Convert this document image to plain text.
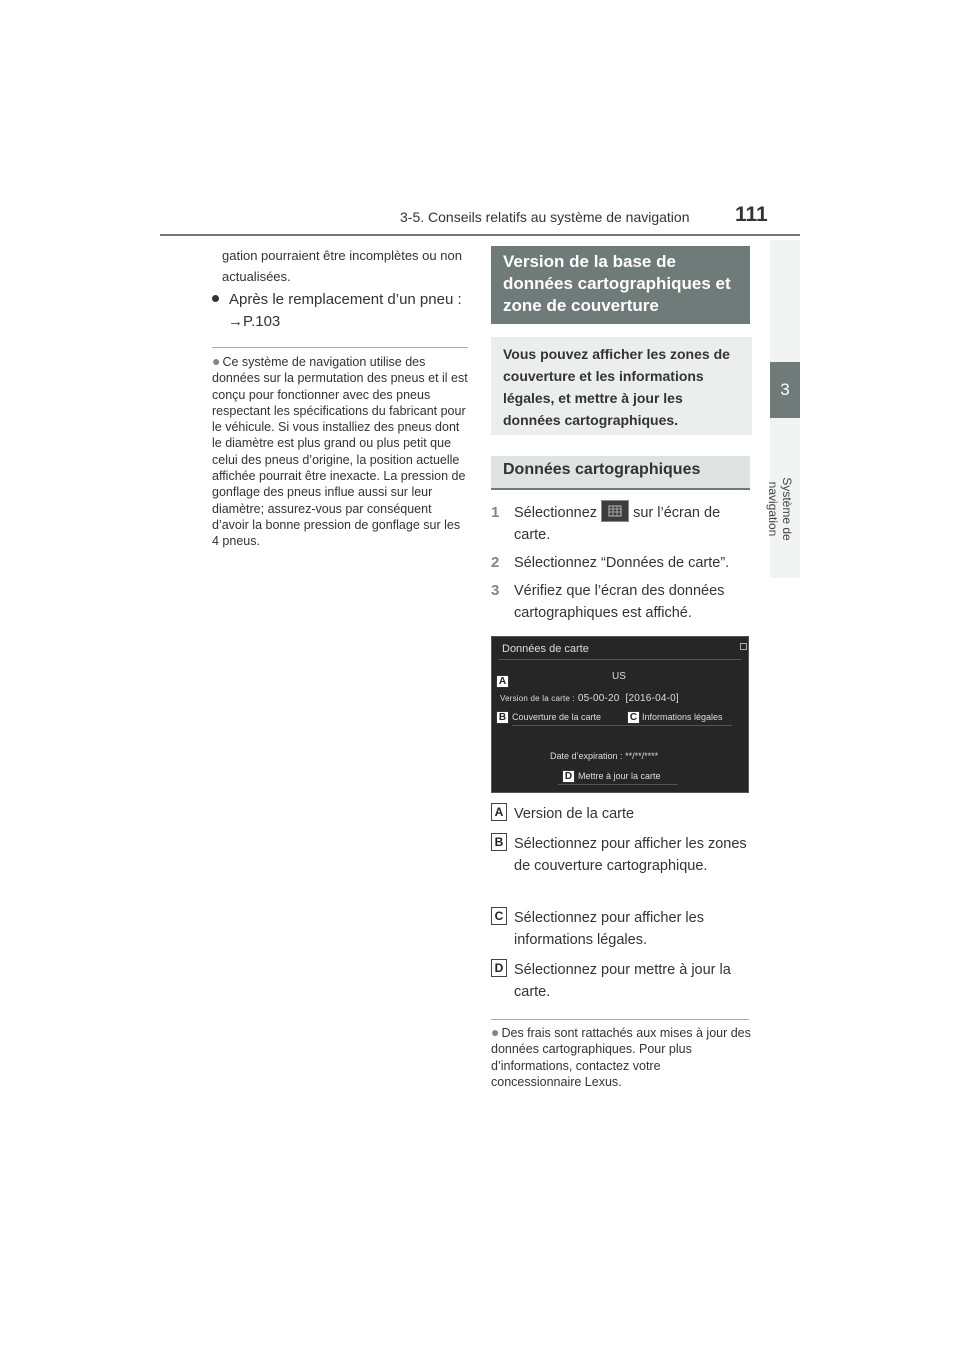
3-5. Conseils relatifs au système de navigation 111
3
Système de navigation
gation pourraient être incomplètes ou non actualisées.
Après le remplacement d’un pneu :
→P.103
● Ce système de navigation utilise des données sur la permutation des pneus et il est conçu pour fonctionner avec des pneus respectant les spécifications du fabricant pour le véhicule. Si vous installiez des pneus dont le diamètre est plus grand ou plus petit que celui des pneus d’origine, la position actuelle affichée pourrait être inexacte. La pression de gonflage des pneus influe aussi sur leur diamètre; assurez-vous par conséquent d’avoir la bonne pression de gonflage sur les 4 pneus.
Version de la base de données cartographiques et zone de couverture
Vous pouvez afficher les zones de couverture et les informations légales, et mettre à jour les données cartographiques.
Données cartographiques
1	Sélectionnez sur l’écran de carte.
2	Sélectionnez “Données de carte”.
3	Vérifiez que l’écran des données cartographiques est affiché.
Données de carte
A	US
Version de la carte : 05-00-20 [2016-04-0]
B Couverture de la carte	C Informations légales
Date d’expiration : **/**/****
D Mettre à jour la carte
A Version de la carte
B Sélectionnez pour afficher les zones de couverture cartographique.
C Sélectionnez pour afficher les informations légales.
D Sélectionnez pour mettre à jour la carte.
● Des frais sont rattachés aux mises à jour des données cartographiques. Pour plus d’informations, contactez votre concessionnaire Lexus.
